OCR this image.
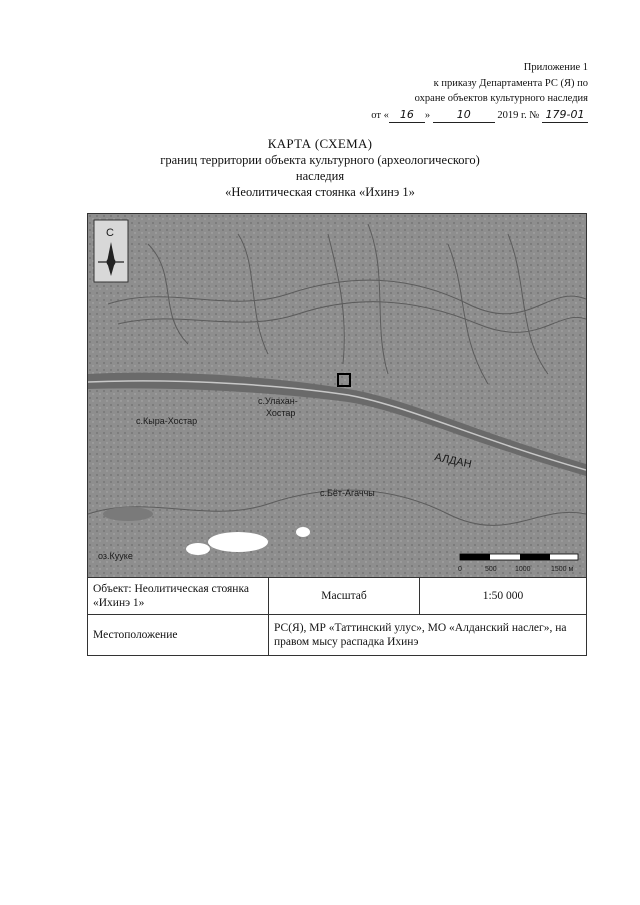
Приложение 1
к приказу Департамента РС (Я) по
охране объектов культурного наследия
от « 16 » 10	2019 г. № 179-01
КАРТА (СХЕМА)
границ территории объекта культурного (археологического)
наследия
«Неолитическая стоянка «Ихинэ 1»
С
с.Кыра-Хостар
с.Улахан-
Хостар
АЛДАН
с.Бёт-Агаччы
оз.Кууке
0	500	1000	1500 м
Объект: Неолитическая стоянка «Ихинэ 1»	Масштаб	1:50 000
Местоположение	РС(Я), МР «Таттинский улус», МО «Алданский наслег», на правом мысу распадка Ихинэ	
